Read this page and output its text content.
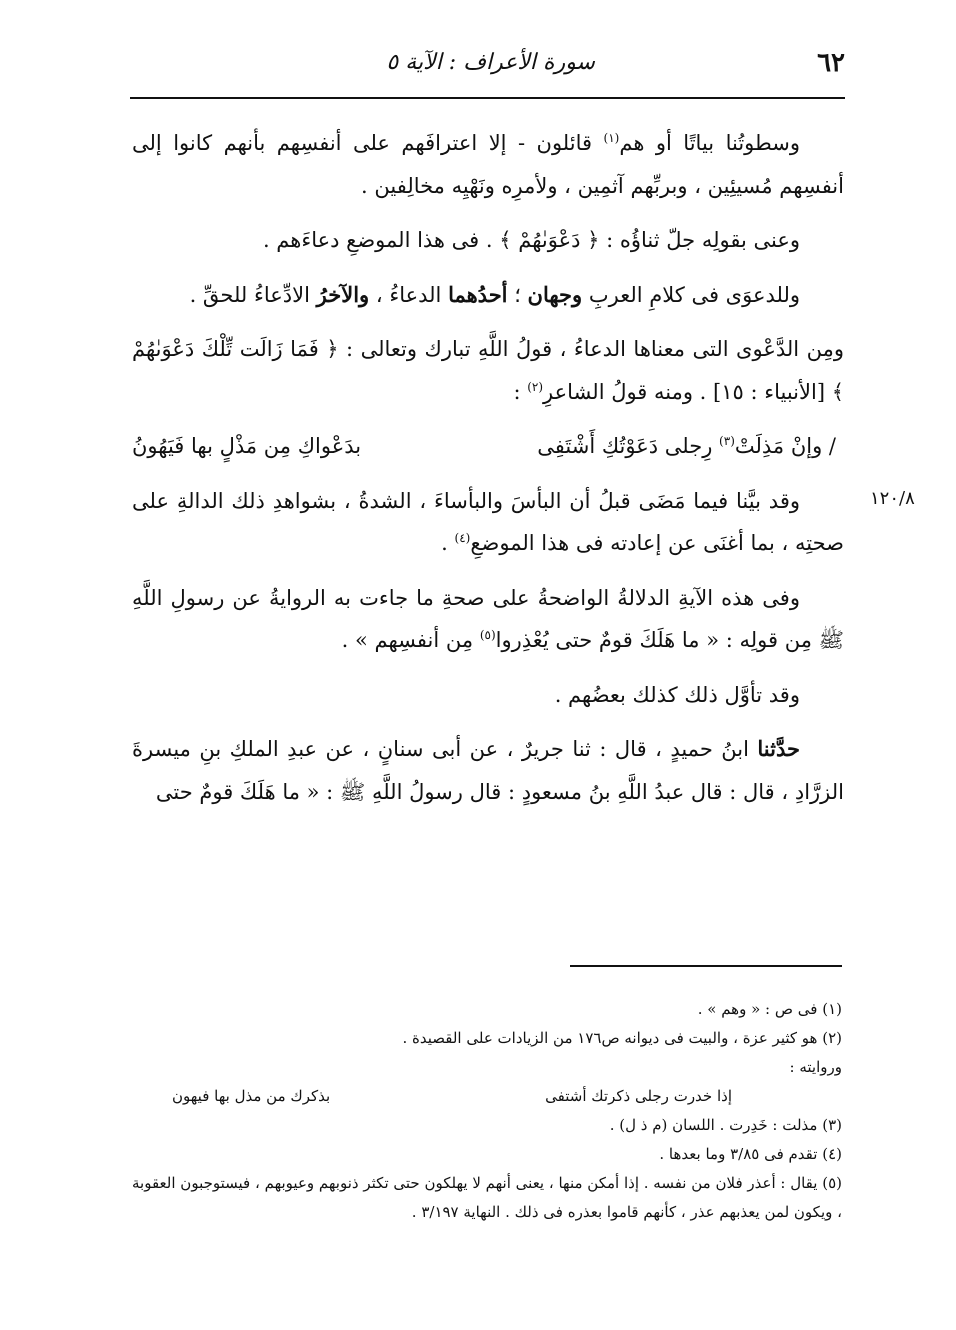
٦٢
سورة الأعراف : الآية ٥

وسطوتُنا بياتًا أو هم$^{(١)}$ قائلون - إلا اعترافَهم على أنفسِهم بأنهم كانوا إلى أنفسِهم مُسيئِين ، وبربِّهم آثمِين ، ولأمرِه ونَهْيِه مخالِفين .

وعنى بقولِه جلّ ثناؤُه : ﴿ دَعْوَىٰهُمْ ﴾ . فى هذا الموضعِ دعاءَهم .

وللدعوَى فى كلامِ العربِ وجهان ؛ أحدُهما الدعاءُ ، والآخرُ الادِّعاءُ للحقِّ .

ومِن الدَّعْوى التى معناها الدعاءُ ، قولُ اللَّهِ تبارك وتعالى : ﴿ فَمَا زَالَت تِّلْكَ دَعْوَىٰهُمْ ﴾ [الأنبياء : ١٥] . ومنه قولُ الشاعرِ$^{(٢)}$ :

/ وإنْ مَذِلَتْ$^{(٣)}$ رِجلى دَعَوْتُكِ أَشْتَفِى
بدَعْواكِ مِن مَذْلٍ بها فَيَهُونُ

وقد بيَّنا فيما مَضَى قبلُ أن البأسَ والبأساءَ ، الشدةُ ، بشواهدِ ذلك الدالةِ على صحتِه ، بما أغنَى عن إعادته فى هذا الموضعِ$^{(٤)}$ .

وفى هذه الآيةِ الدلالةُ الواضحةُ على صحةِ ما جاءت به الروايةُ عن رسولِ اللَّهِ ﷺ مِن قولِه : « ما هَلَكَ قومٌ حتى يُعْذِروا$^{(٥)}$ مِن أنفسِهم » .

وقد تأوَّل ذلك كذلك بعضُهم .

حدَّثنا ابنُ حميدٍ ، قال : ثنا جريرٌ ، عن أبى سنانٍ ، عن عبدِ الملكِ بنِ ميسرةَ الزرَّادِ ، قال : قال عبدُ اللَّهِ بنُ مسعودٍ : قال رسولُ اللَّهِ ﷺ : « ما هَلَكَ قومٌ حتى

١٢٠/٨

(١) فى ص : « وهم » .

(٢) هو كثير عزة ، والبيت فى ديوانه ص١٧٦ من الزيادات على القصيدة .

وروايته :

إذا خدرت رجلى ذكرتك أشتفى
بذكرك من مذل بها فيهون

(٣) مذلت : خَدِرت . اللسان (م ذ ل) .

(٤) تقدم فى ٣/٨٥ وما بعدها .

(٥) يقال : أعذر فلان من نفسه . إذا أمكن منها ، يعنى أنهم لا يهلكون حتى تكثر ذنوبهم وعيوبهم ، فيستوجبون العقوبة ، ويكون لمن يعذبهم عذر ، كأنهم قاموا بعذره فى ذلك . النهاية ٣/١٩٧ .
